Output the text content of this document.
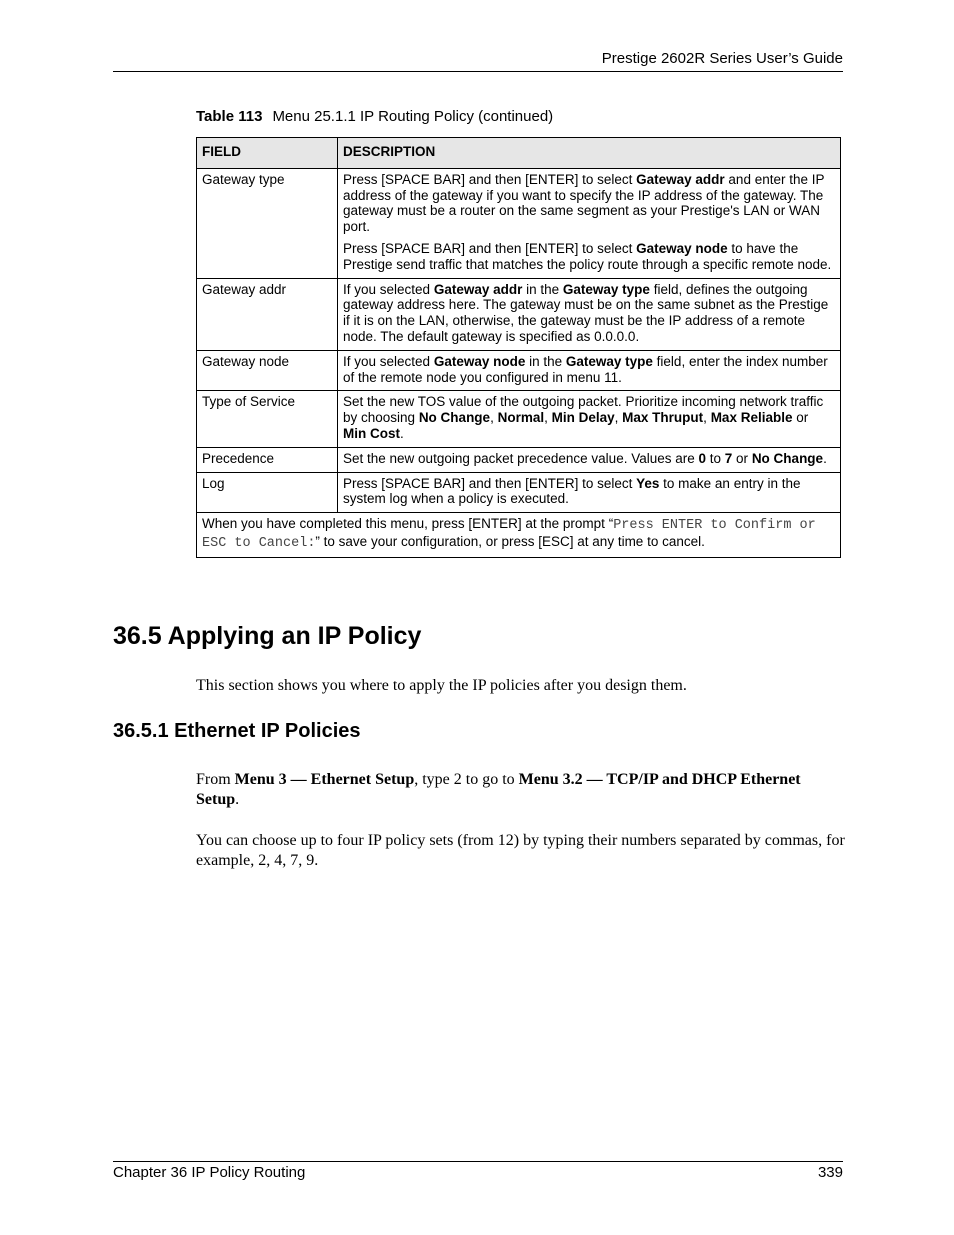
Prestige 2602R Series User’s Guide
Table 113 Menu 25.1.1 IP Routing Policy (continued)
FIELD	DESCRIPTION
Gateway type	Press [SPACE BAR] and then [ENTER] to select Gateway addr and enter the IP address of the gateway if you want to specify the IP address of the gateway. The gateway must be a router on the same segment as your Prestige's LAN or WAN port.

Press [SPACE BAR] and then [ENTER] to select Gateway node to have the Prestige send traffic that matches the policy route through a specific remote node.

Gateway addr	If you selected Gateway addr in the Gateway type field, defines the outgoing gateway address here. The gateway must be on the same subnet as the Prestige if it is on the LAN, otherwise, the gateway must be the IP address of a remote node. The default gateway is specified as 0.0.0.0.
Gateway node	If you selected Gateway node in the Gateway type field, enter the index number of the remote node you configured in menu 11.
Type of Service	Set the new TOS value of the outgoing packet. Prioritize incoming network traffic by choosing No Change, Normal, Min Delay, Max Thruput, Max Reliable or Min Cost.
Precedence	Set the new outgoing packet precedence value. Values are 0 to 7 or No Change.
Log	Press [SPACE BAR] and then [ENTER] to select Yes to make an entry in the system log when a policy is executed.
When you have completed this menu, press [ENTER] at the prompt “Press ENTER to Confirm or ESC to Cancel:” to save your configuration, or press [ESC] at any time to cancel.	
36.5 Applying an IP Policy

This section shows you where to apply the IP policies after you design them.

36.5.1 Ethernet IP Policies

From Menu 3 — Ethernet Setup, type 2 to go to Menu 3.2 — TCP/IP and DHCP Ethernet Setup.

You can choose up to four IP policy sets (from 12) by typing their numbers separated by commas, for example, 2, 4, 7, 9.

Chapter 36 IP Policy Routing	339
